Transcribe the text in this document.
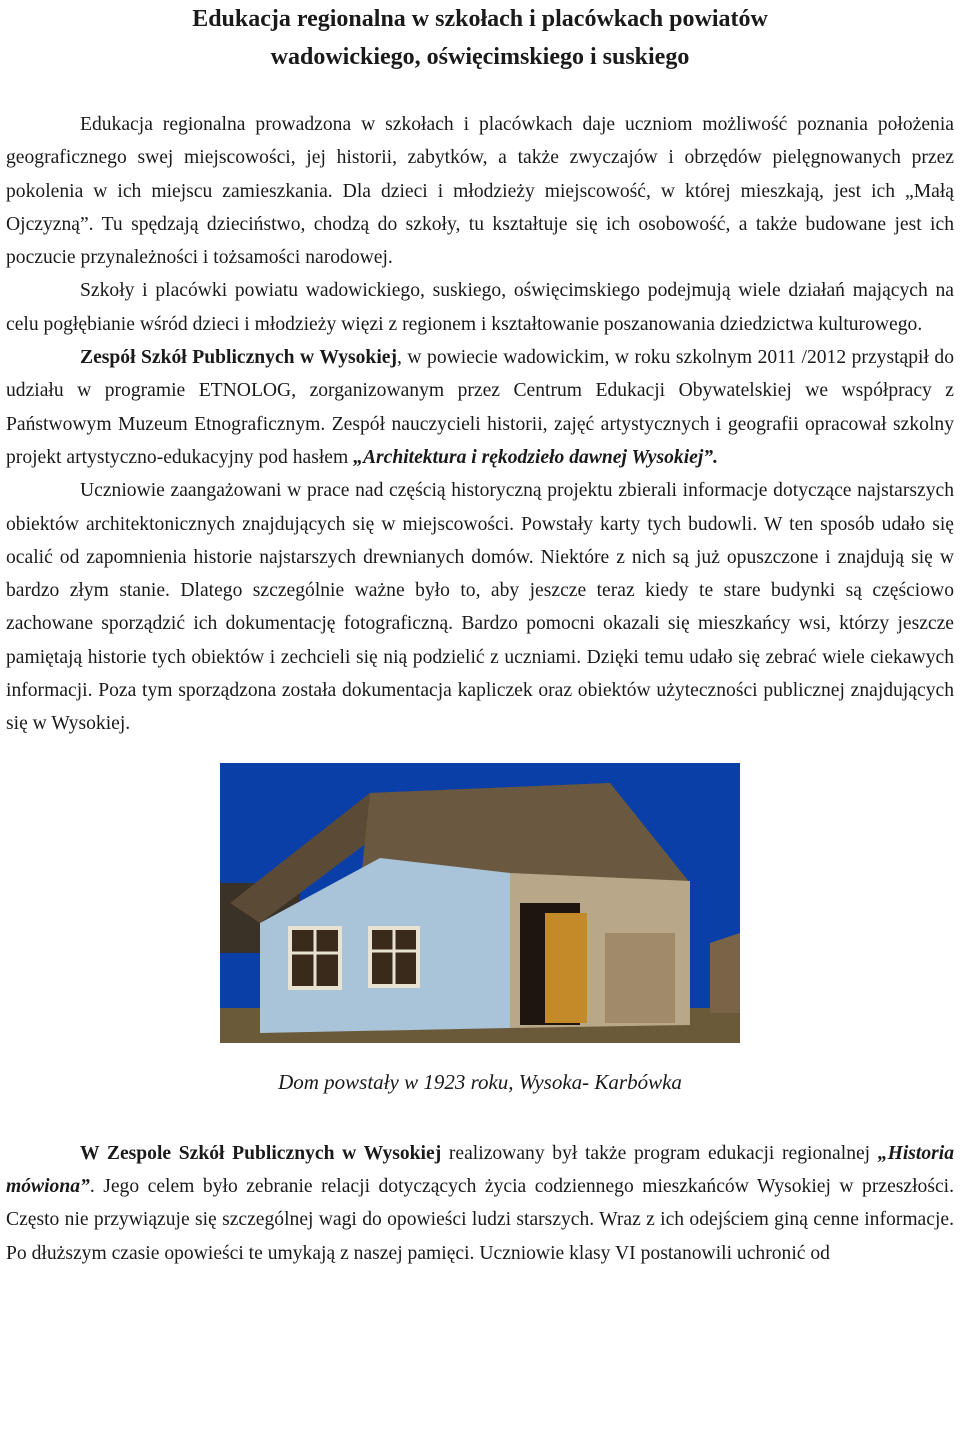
Edukacja regionalna w szkołach i placówkach powiatów
wadowickiego, oświęcimskiego i suskiego

Edukacja regionalna prowadzona w szkołach i placówkach daje uczniom możliwość poznania położenia geograficznego swej miejscowości, jej historii, zabytków, a także zwyczajów i obrzędów pielęgnowanych przez pokolenia w ich miejscu zamieszkania. Dla dzieci i młodzieży miejscowość, w której mieszkają, jest ich „Małą Ojczyzną”. Tu spędzają dzieciństwo, chodzą do szkoły, tu kształtuje się ich osobowość, a także budowane jest ich poczucie przynależności i tożsamości narodowej.

Szkoły i placówki powiatu wadowickiego, suskiego, oświęcimskiego podejmują wiele działań mających na celu pogłębianie wśród dzieci i młodzieży więzi z regionem i kształtowanie poszanowania dziedzictwa kulturowego.

Zespół Szkół Publicznych w Wysokiej, w powiecie wadowickim, w roku szkolnym 2011 /2012 przystąpił do udziału w programie ETNOLOG, zorganizowanym przez Centrum Edukacji Obywatelskiej we współpracy z Państwowym Muzeum Etnograficznym. Zespół nauczycieli historii, zajęć artystycznych i geografii opracował szkolny projekt artystyczno-edukacyjny pod hasłem „Architektura i rękodzieło dawnej Wysokiej”.

Uczniowie zaangażowani w prace nad częścią historyczną projektu zbierali informacje dotyczące najstarszych obiektów architektonicznych znajdujących się w miejscowości. Powstały karty tych budowli. W ten sposób udało się ocalić od zapomnienia historie najstarszych drewnianych domów. Niektóre z nich są już opuszczone i znajdują się w bardzo złym stanie. Dlatego szczególnie ważne było to, aby jeszcze teraz kiedy te stare budynki są częściowo zachowane sporządzić ich dokumentację fotograficzną. Bardzo pomocni okazali się mieszkańcy wsi, którzy jeszcze pamiętają historie tych obiektów i zechcieli się nią podzielić z uczniami. Dzięki temu udało się zebrać wiele ciekawych informacji. Poza tym sporządzona została dokumentacja kapliczek oraz obiektów użyteczności publicznej znajdujących się w Wysokiej.

Dom powstały w 1923 roku, Wysoka- Karbówka

W Zespole Szkół Publicznych w Wysokiej realizowany był także program edukacji regionalnej „Historia mówiona”. Jego celem było zebranie relacji dotyczących życia codziennego mieszkańców Wysokiej w przeszłości. Często nie przywiązuje się szczególnej wagi do opowieści ludzi starszych. Wraz z ich odejściem giną cenne informacje. Po dłuższym czasie opowieści te umykają z naszej pamięci. Uczniowie klasy VI postanowili uchronić od
